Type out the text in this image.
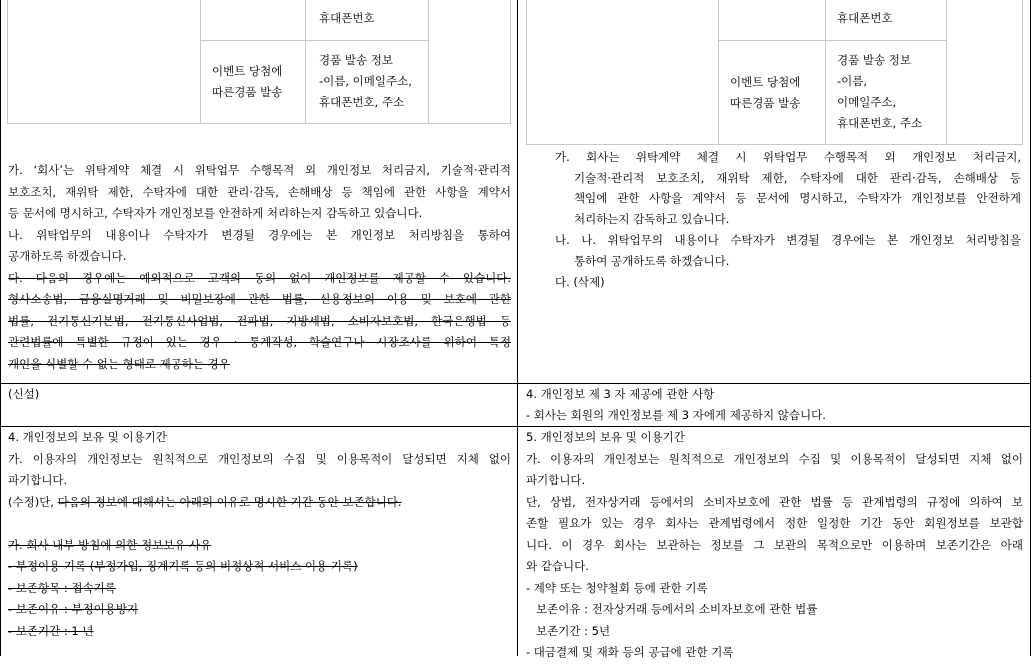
휴대폰번호
이벤트 당첨에
따른경품 발송
경품 발송 정보
-이름, 이메일주소,
휴대폰번호, 주소
가. ‘회사’는 위탁계약 체결 시 위탁업무 수행목적 외 개인정보 처리금지, 기술적·관리적
보호조치, 재위탁 제한, 수탁자에 대한 관리·감독, 손해배상 등 책임에 관한 사항을 계약서
등 문서에 명시하고, 수탁자가 개인정보를 안전하게 처리하는지 감독하고 있습니다.
나. 위탁업무의 내용이나 수탁자가 변경될 경우에는 본 개인정보 처리방침을 통하여
공개하도록 하겠습니다.
다. 다음의 경우에는 예외적으로 고객의 동의 없이 개인정보를 제공할 수 있습니다.
형사소송법, 금융실명거래 및 비밀보장에 관한 법률, 신용정보의 이용 및 보호에 관한
법률, 전기통신기본법, 전기통신사업법, 전파법, 지방세법, 소비자보호법, 한국은행법 등
관련법률에 특별한 규정이 있는 경우 · 통계작성, 학술연구나 시장조사를 위하여 특정
개인을 식별할 수 없는 형태로 제공하는 경우
(신설)
4. 개인정보의 보유 및 이용기간
가. 이용자의 개인정보는 원칙적으로 개인정보의 수집 및 이용목적이 달성되면 지체 없이
파기합니다.
(수정)단, 다음의 정보에 대해서는 아래의 이유로 명시한 기간 동안 보존합니다.
가. 회사 내부 방침에 의한 정보보유 사유
- 부정이용 기록 (부정가입, 징계기록 등의 비정상적 서비스 이용 기록)
- 보존항목 : 접속기록
- 보존이유 : 부정이용방지
- 보존기간 : 1 년
휴대폰번호
이벤트 당첨에
따른경품 발송
경품 발송 정보
-이름,
이메일주소,
휴대폰번호, 주소
가. 회사는 위탁계약 체결 시 위탁업무 수행목적 외 개인정보 처리금지,
기술적·관리적 보호조치, 재위탁 제한, 수탁자에 대한 관리·감독, 손해배상 등
책임에 관한 사항을 계약서 등 문서에 명시하고, 수탁자가 개인정보를 안전하게
처리하는지 감독하고 있습니다.
나. 나. 위탁업무의 내용이나 수탁자가 변경될 경우에는 본 개인정보 처리방침을
통하여 공개하도록 하겠습니다.
다. (삭제)
4. 개인정보 제 3 자 제공에 관한 사항
- 회사는 회원의 개인정보를 제 3 자에게 제공하지 않습니다.
5. 개인정보의 보유 및 이용기간
가. 이용자의 개인정보는 원칙적으로 개인정보의 수집 및 이용목적이 달성되면 지체 없이
파기합니다.
단, 상법, 전자상거래 등에서의 소비자보호에 관한 법률 등 관계법령의 규정에 의하여 보
존할 필요가 있는 경우 회사는 관계법령에서 정한 일정한 기간 동안 회원정보를 보관합
니다. 이 경우 회사는 보관하는 정보를 그 보관의 목적으로만 이용하며 보존기간은 아래
와 같습니다.
- 계약 또는 청약철회 등에 관한 기록
보존이유 : 전자상거래 등에서의 소비자보호에 관한 법률
보존기간 : 5년
- 대금결제 및 재화 등의 공급에 관한 기록
